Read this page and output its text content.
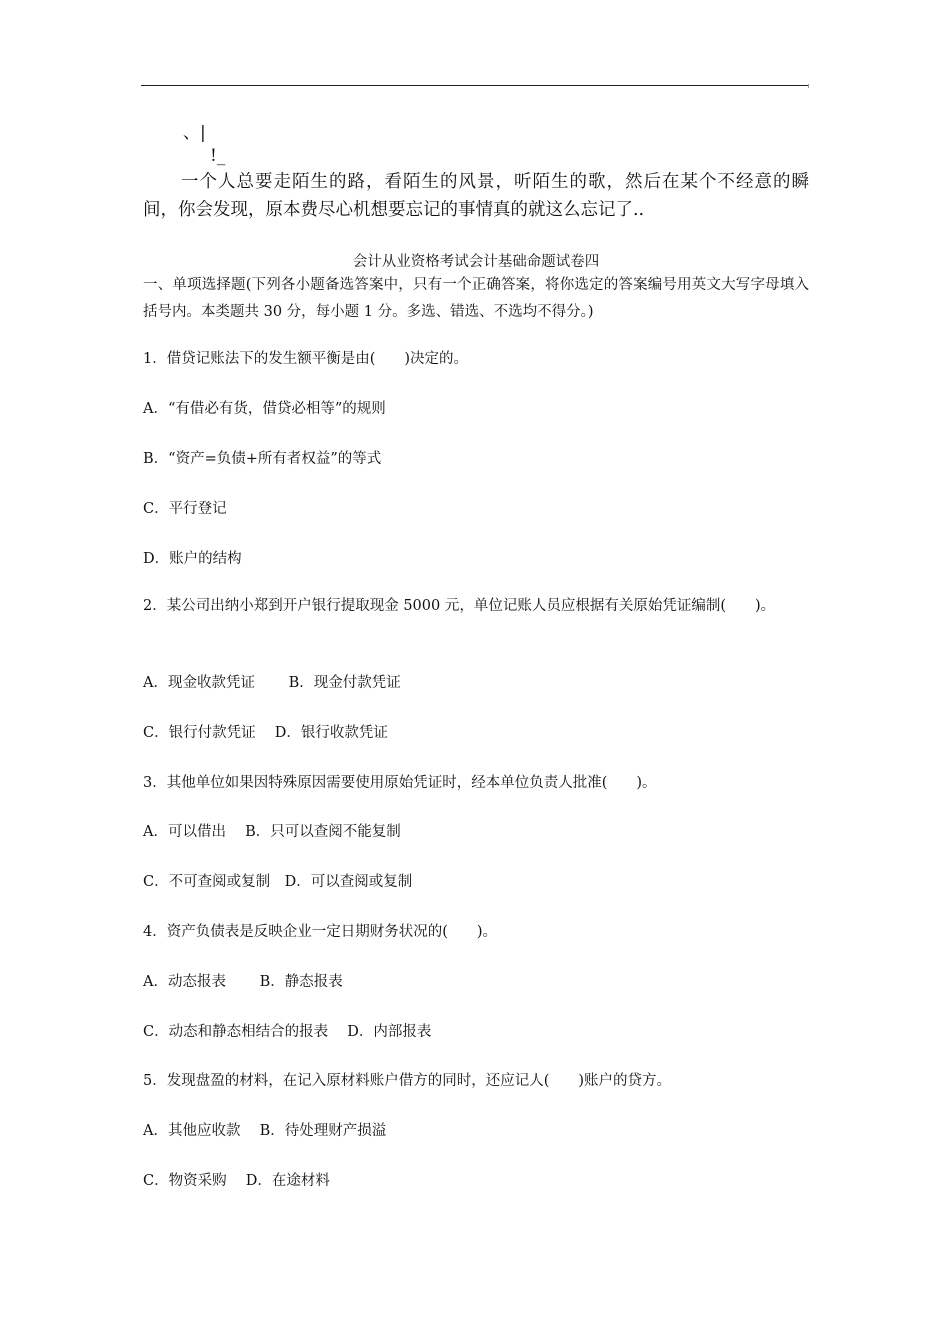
、|
!_
一个人总要走陌生的路，看陌生的风景，听陌生的歌，然后在某个不经意的瞬间，你会发现，原本费尽心机想要忘记的事情真的就这么忘记了..
会计从业资格考试会计基础命题试卷四
一、单项选择题(下列各小题备选答案中，只有一个正确答案，将你选定的答案编号用英文大写字母填入括号内。本类题共 30 分，每小题 1 分。多选、错选、不选均不得分。)
1．借贷记账法下的发生额平衡是由(　　)决定的。
A．“有借必有货，借贷必相等”的规则
B．“资产=负债+所有者权益”的等式
C．平行登记
D．账户的结构
2．某公司出纳小郑到开户银行提取现金 5000 元，单位记账人员应根据有关原始凭证编制(　　)。
A．现金收款凭证　　 B．现金付款凭证
C．银行付款凭证　 D．银行收款凭证
3．其他单位如果因特殊原因需要使用原始凭证时，经本单位负责人批准(　　)。
A．可以借出　 B．只可以查阅不能复制
C．不可查阅或复制　D．可以查阅或复制
4．资产负债表是反映企业一定日期财务状况的(　　)。
A．动态报表　　 B．静态报表
C．动态和静态相结合的报表　 D．内部报表
5．发现盘盈的材料，在记入原材料账户借方的同时，还应记人(　　)账户的贷方。
A．其他应收款　 B．待处理财产损溢
C．物资采购　 D．在途材料
